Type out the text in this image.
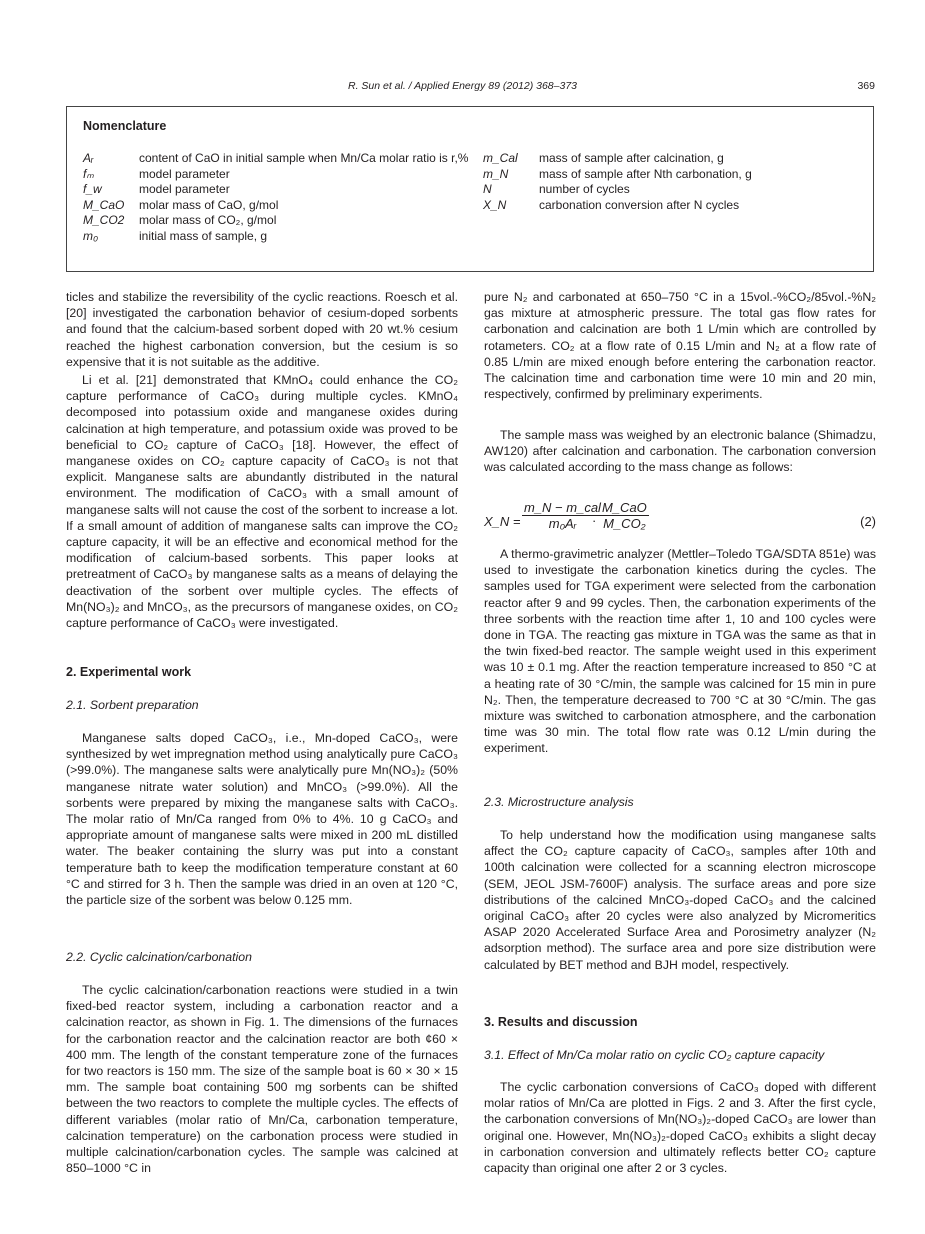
R. Sun et al. / Applied Energy 89 (2012) 368–373	369
Nomenclature
Aᵣ	content of CaO in initial sample when Mn/Ca molar ratio is r,%
fₘ	model parameter
f_w	model parameter
M_CaO	molar mass of CaO, g/mol
M_CO2	molar mass of CO₂, g/mol
m₀	initial mass of sample, g
m_Cal	mass of sample after calcination, g
m_N	mass of sample after Nth carbonation, g
N	number of cycles
X_N	carbonation conversion after N cycles

ticles and stabilize the reversibility of the cyclic reactions. Roesch et al. [20] investigated the carbonation behavior of cesium-doped sorbents and found that the calcium-based sorbent doped with 20 wt.% cesium reached the highest carbonation conversion, but the cesium is so expensive that it is not suitable as the additive.

Li et al. [21] demonstrated that KMnO₄ could enhance the CO₂ capture performance of CaCO₃ during multiple cycles. KMnO₄ decomposed into potassium oxide and manganese oxides during calcination at high temperature, and potassium oxide was proved to be beneficial to CO₂ capture of CaCO₃ [18]. However, the effect of manganese oxides on CO₂ capture capacity of CaCO₃ is not that explicit. Manganese salts are abundantly distributed in the natural environment. The modification of CaCO₃ with a small amount of manganese salts will not cause the cost of the sorbent to increase a lot. If a small amount of addition of manganese salts can improve the CO₂ capture capacity, it will be an effective and economical method for the modification of calcium-based sorbents. This paper looks at pretreatment of CaCO₃ by manganese salts as a means of delaying the deactivation of the sorbent over multiple cycles. The effects of Mn(NO₃)₂ and MnCO₃, as the precursors of manganese oxides, on CO₂ capture performance of CaCO₃ were investigated.

2. Experimental work
2.1. Sorbent preparation

Manganese salts doped CaCO₃, i.e., Mn-doped CaCO₃, were synthesized by wet impregnation method using analytically pure CaCO₃ (>99.0%). The manganese salts were analytically pure Mn(NO₃)₂ (50% manganese nitrate water solution) and MnCO₃ (>99.0%). All the sorbents were prepared by mixing the manganese salts with CaCO₃. The molar ratio of Mn/Ca ranged from 0% to 4%. 10 g CaCO₃ and appropriate amount of manganese salts were mixed in 200 mL distilled water. The beaker containing the slurry was put into a constant temperature bath to keep the modification temperature constant at 60 °C and stirred for 3 h. Then the sample was dried in an oven at 120 °C, the particle size of the sorbent was below 0.125 mm.

2.2. Cyclic calcination/carbonation

The cyclic calcination/carbonation reactions were studied in a twin fixed-bed reactor system, including a carbonation reactor and a calcination reactor, as shown in Fig. 1. The dimensions of the furnaces for the carbonation reactor and the calcination reactor are both ¢60 × 400 mm. The length of the constant temperature zone of the furnaces for two reactors is 150 mm. The size of the sample boat is 60 × 30 × 15 mm. The sample boat containing 500 mg sorbents can be shifted between the two reactors to complete the multiple cycles. The effects of different variables (molar ratio of Mn/Ca, carbonation temperature, calcination temperature) on the carbonation process were studied in multiple calcination/carbonation cycles. The sample was calcined at 850–1000 °C in

pure N₂ and carbonated at 650–750 °C in a 15vol.-%CO₂/85vol.-%N₂ gas mixture at atmospheric pressure. The total gas flow rates for carbonation and calcination are both 1 L/min which are controlled by rotameters. CO₂ at a flow rate of 0.15 L/min and N₂ at a flow rate of 0.85 L/min are mixed enough before entering the carbonation reactor. The calcination time and carbonation time were 10 min and 20 min, respectively, confirmed by preliminary experiments.

The sample mass was weighed by an electronic balance (Shimadzu, AW120) after calcination and carbonation. The carbonation conversion was calculated according to the mass change as follows:

X_N =
m_N − m_cal
m₀Aᵣ ·
M_CaO
M_CO₂	(2)

A thermo-gravimetric analyzer (Mettler–Toledo TGA/SDTA 851e) was used to investigate the carbonation kinetics during the cycles. The samples used for TGA experiment were selected from the carbonation reactor after 9 and 99 cycles. Then, the carbonation experiments of the three sorbents with the reaction time after 1, 10 and 100 cycles were done in TGA. The reacting gas mixture in TGA was the same as that in the twin fixed-bed reactor. The sample weight used in this experiment was 10 ± 0.1 mg. After the reaction temperature increased to 850 °C at a heating rate of 30 °C/min, the sample was calcined for 15 min in pure N₂. Then, the temperature decreased to 700 °C at 30 °C/min. The gas mixture was switched to carbonation atmosphere, and the carbonation time was 30 min. The total flow rate was 0.12 L/min during the experiment.

2.3. Microstructure analysis

To help understand how the modification using manganese salts affect the CO₂ capture capacity of CaCO₃, samples after 10th and 100th calcination were collected for a scanning electron microscope (SEM, JEOL JSM-7600F) analysis. The surface areas and pore size distributions of the calcined MnCO₃-doped CaCO₃ and the calcined original CaCO₃ after 20 cycles were also analyzed by Micromeritics ASAP 2020 Accelerated Surface Area and Porosimetry analyzer (N₂ adsorption method). The surface area and pore size distribution were calculated by BET method and BJH model, respectively.

3. Results and discussion
3.1. Effect of Mn/Ca molar ratio on cyclic CO₂ capture capacity

The cyclic carbonation conversions of CaCO₃ doped with different molar ratios of Mn/Ca are plotted in Figs. 2 and 3. After the first cycle, the carbonation conversions of Mn(NO₃)₂-doped CaCO₃ are lower than original one. However, Mn(NO₃)₂-doped CaCO₃ exhibits a slight decay in carbonation conversion and ultimately reflects better CO₂ capture capacity than original one after 2 or 3 cycles.
